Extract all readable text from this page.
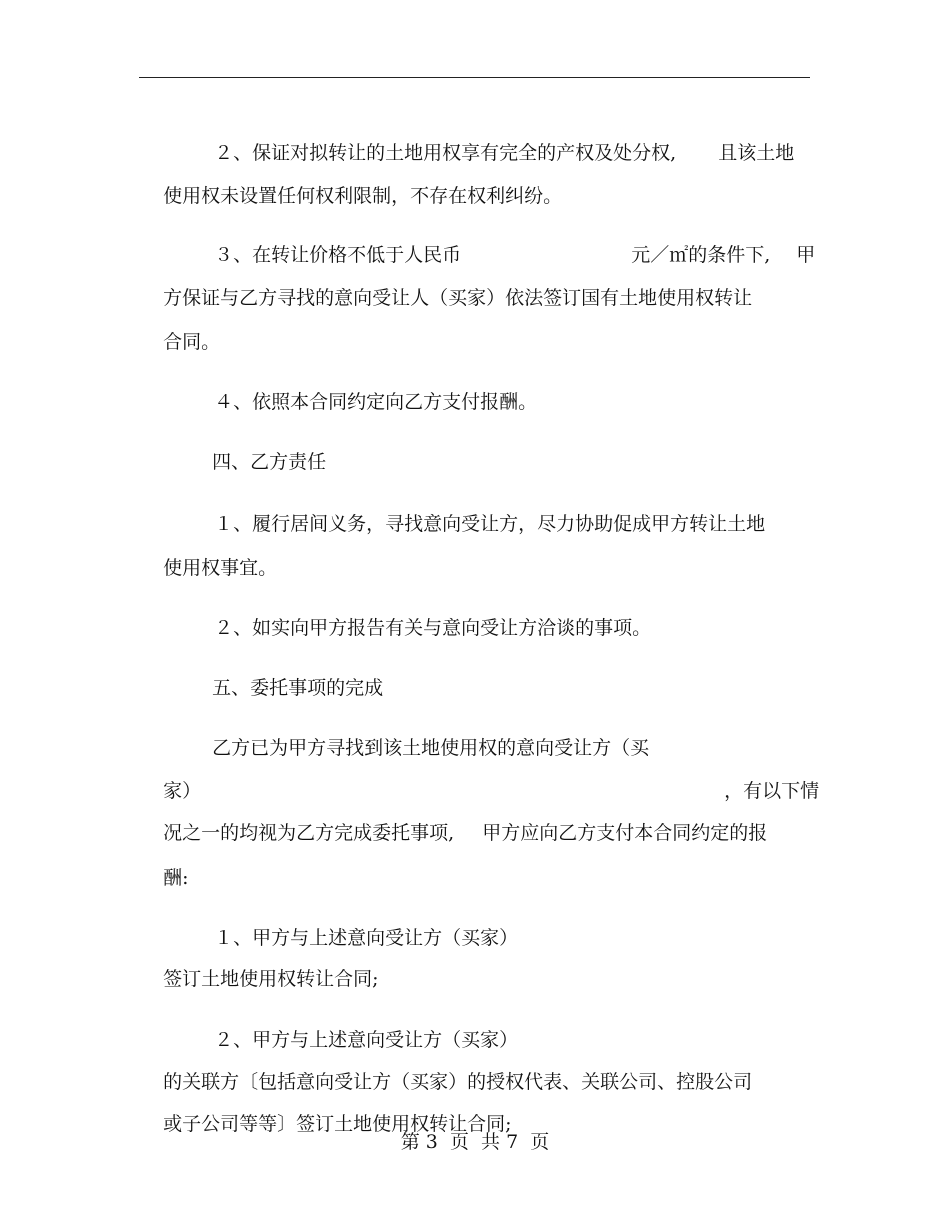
２、保证对拟转让的土地用权享有完全的产权及处分权, 且该土地

使用权未设置任何权利限制，不存在权利纠纷。

３、在转让价格不低于人民币	元／㎡的条件下, 甲

方保证与乙方寻找的意向受让人（买家）依法签订国有土地使用权转让

合同。

４、依照本合同约定向乙方支付报酬。

四、乙方责任

１、履行居间义务，寻找意向受让方，尽力协助促成甲方转让土地

使用权事宜。

２、如实向甲方报告有关与意向受让方洽谈的事项。

五、委托事项的完成

乙方已为甲方寻找到该土地使用权的意向受让方（买

家）
	，有以下情

况之一的均视为乙方完成委托事项, 甲方应向乙方支付本合同约定的报

酬:

１、甲方与上述意向受让方（买家）

签订土地使用权转让合同;

２、甲方与上述意向受让方（买家）

的关联方〔包括意向受让方（买家）的授权代表、关联公司、控股公司

或子公司等等〕签订土地使用权转让合同;

第 3  页  共 7  页
